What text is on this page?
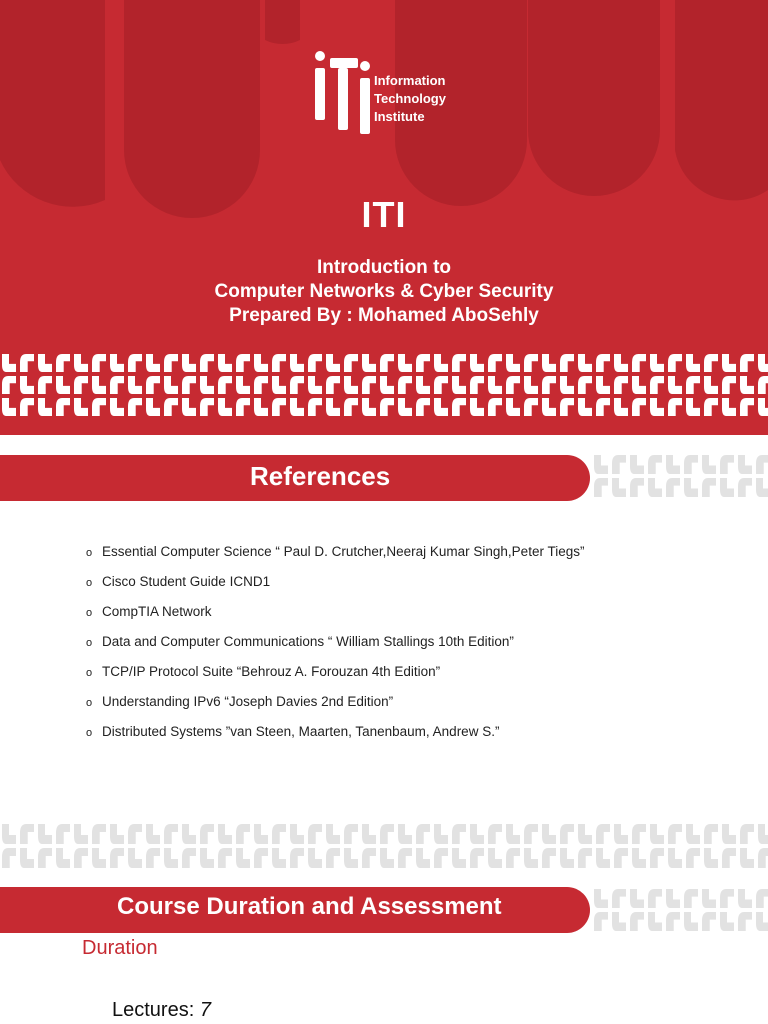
Information
Technology
Institute
ITI
Introduction to
Computer Networks & Cyber Security
Prepared By : Mohamed AboSehly
References
o Essential Computer Science “ Paul D. Crutcher,Neeraj Kumar Singh,Peter Tiegs”
o Cisco Student Guide ICND1
o CompTIA Network
o Data and Computer Communications “ William Stallings 10th Edition”
o TCP/IP Protocol Suite “Behrouz A. Forouzan 4th Edition”
o Understanding IPv6 “Joseph Davies 2nd Edition”
o Distributed Systems ”van Steen, Maarten, Tanenbaum, Andrew S.”
Course Duration and Assessment
Duration
Lectures: 7
